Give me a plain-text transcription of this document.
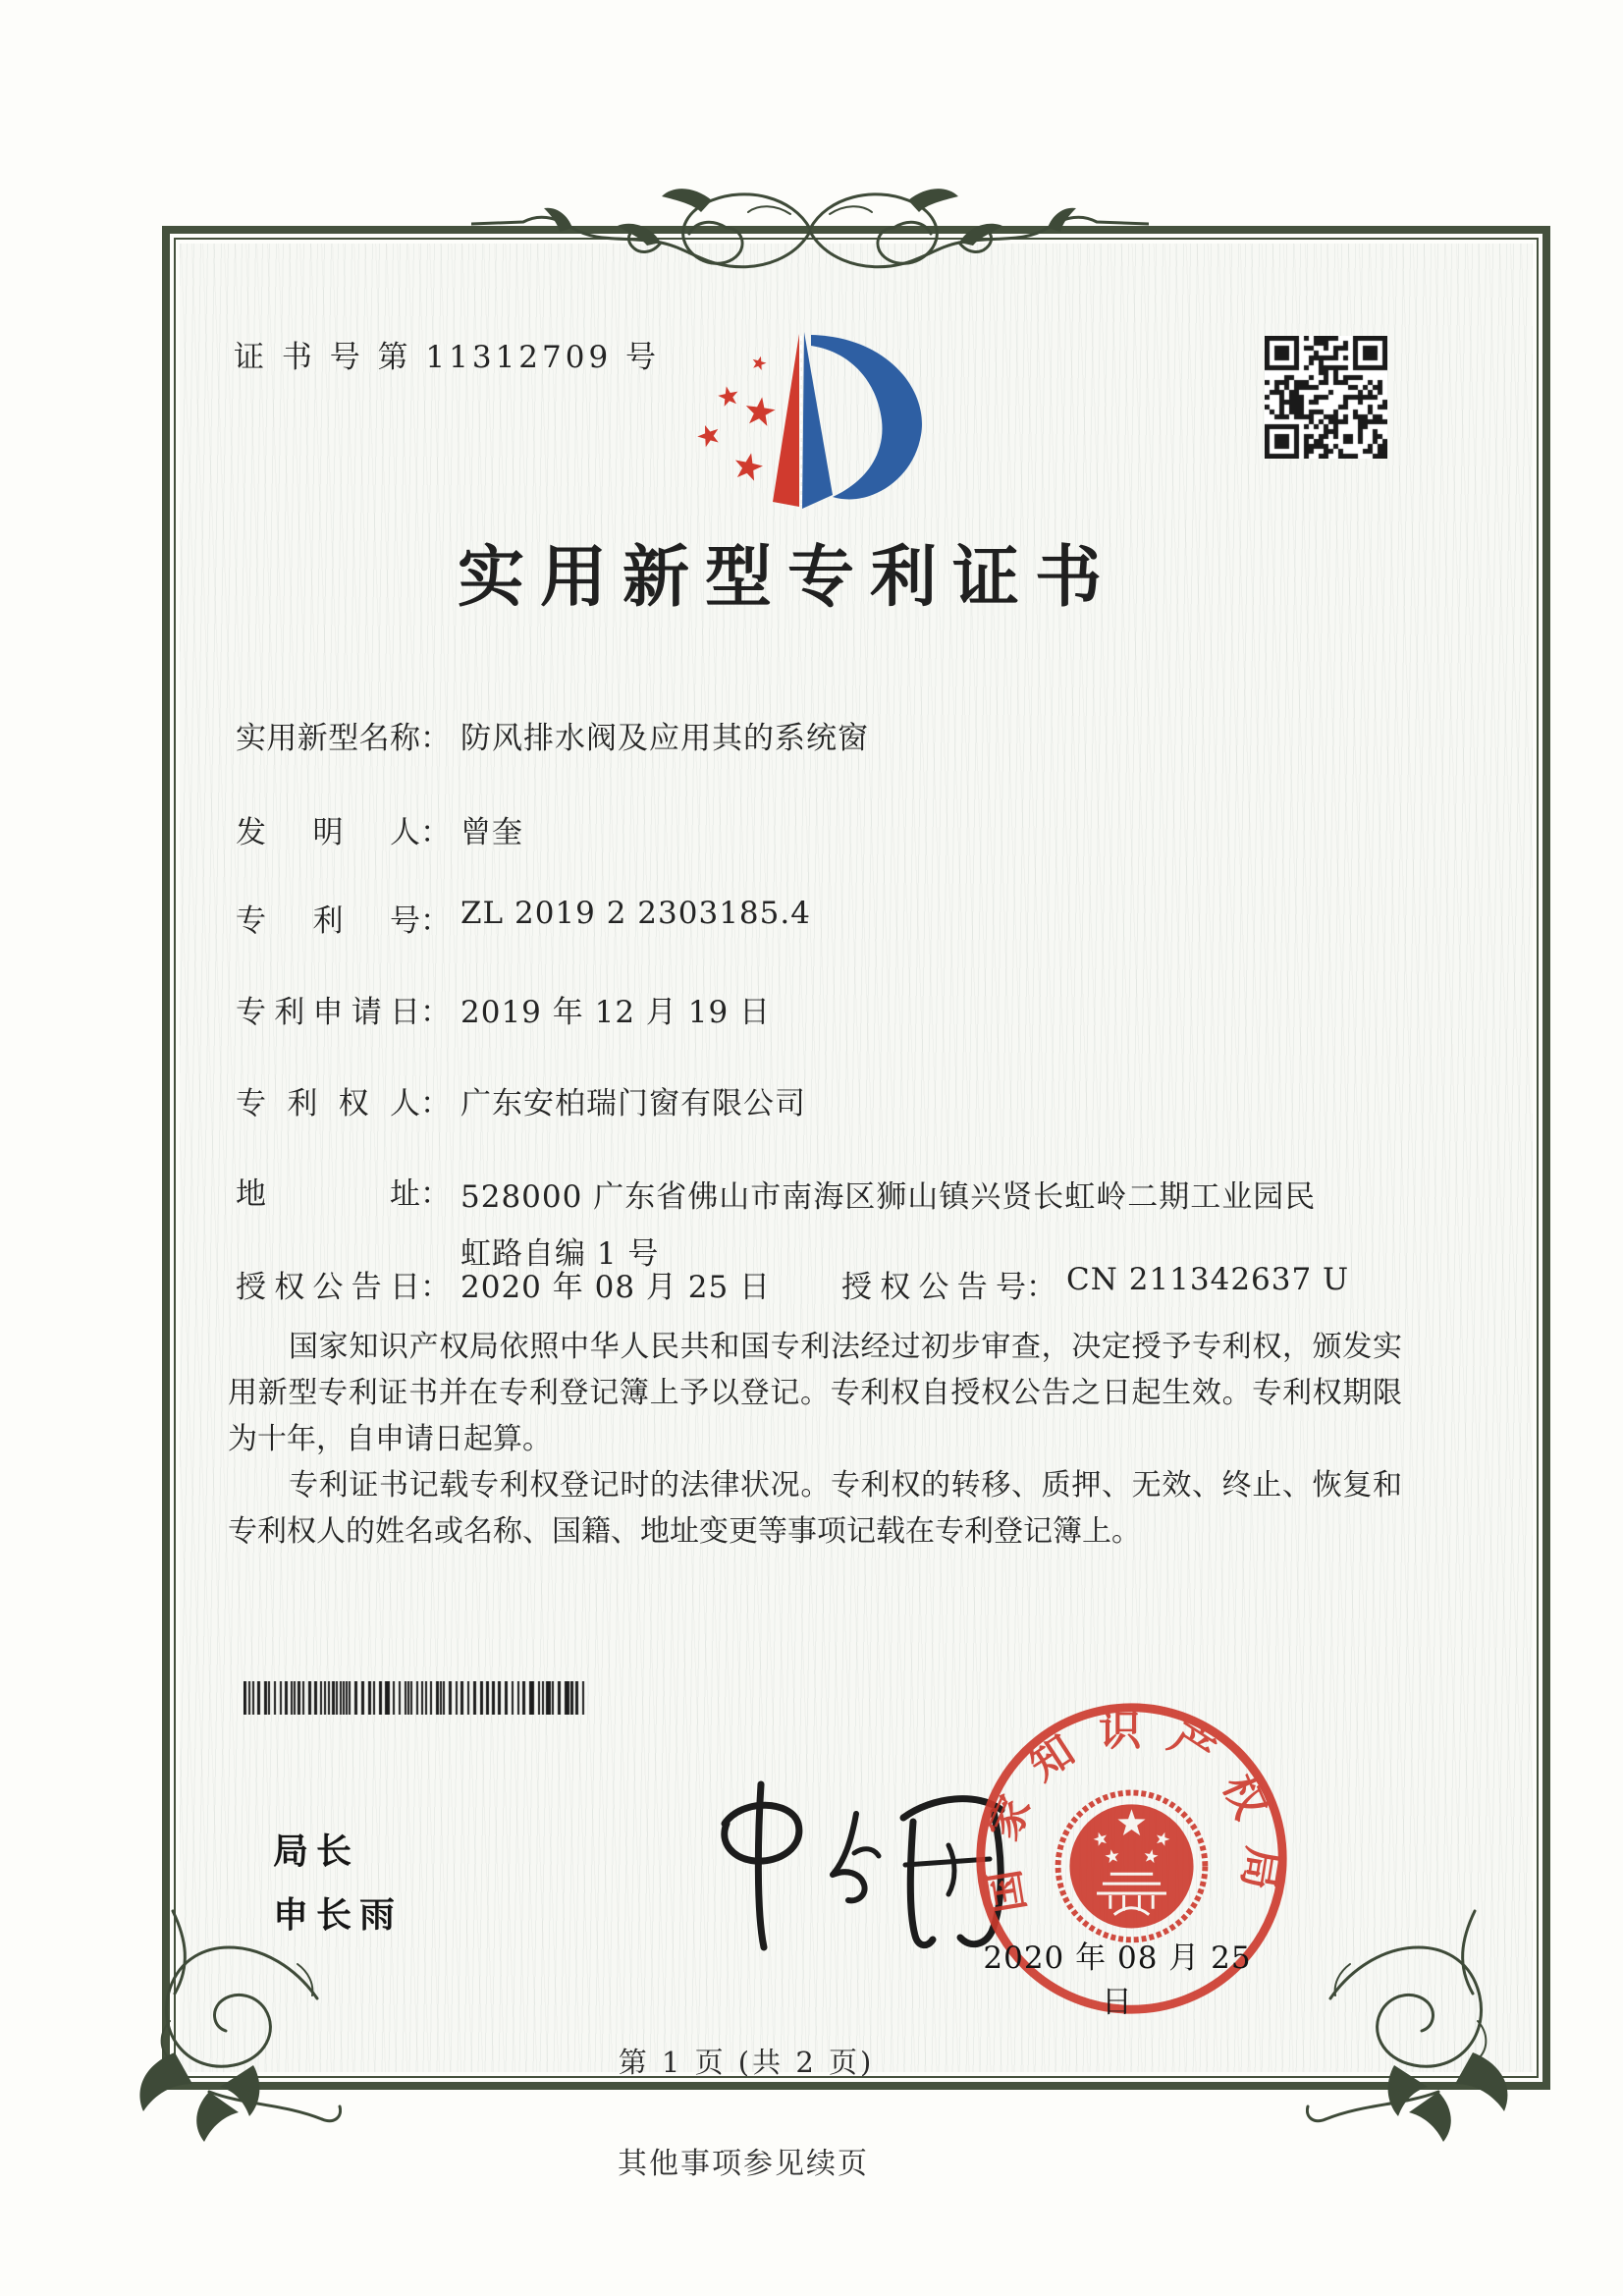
证 书 号 第 11312709 号
实用新型专利证书
实用新型名称： 防风排水阀及应用其的系统窗
发明人： 曾奎
专利号： ZL 2019 2 2303185.4
专利申请日： 2019 年 12 月 19 日
专利权人： 广东安柏瑞门窗有限公司
地址： 528000 广东省佛山市南海区狮山镇兴贤长虹岭二期工业园民虹路自编 1 号
授权公告日： 2020 年 08 月 25 日 授权公告号： CN 211342637 U

国家知识产权局依照中华人民共和国专利法经过初步审查，决定授予专利权，颁发实用新型专利证书并在专利登记簿上予以登记。专利权自授权公告之日起生效。专利权期限为十年，自申请日起算。

专利证书记载专利权登记时的法律状况。专利权的转移、质押、无效、终止、恢复和专利权人的姓名或名称、国籍、地址变更等事项记载在专利登记簿上。

局长
申长雨	国家知识产权局
2020 年 08 月 25 日
第 1 页 (共 2 页)
其他事项参见续页
